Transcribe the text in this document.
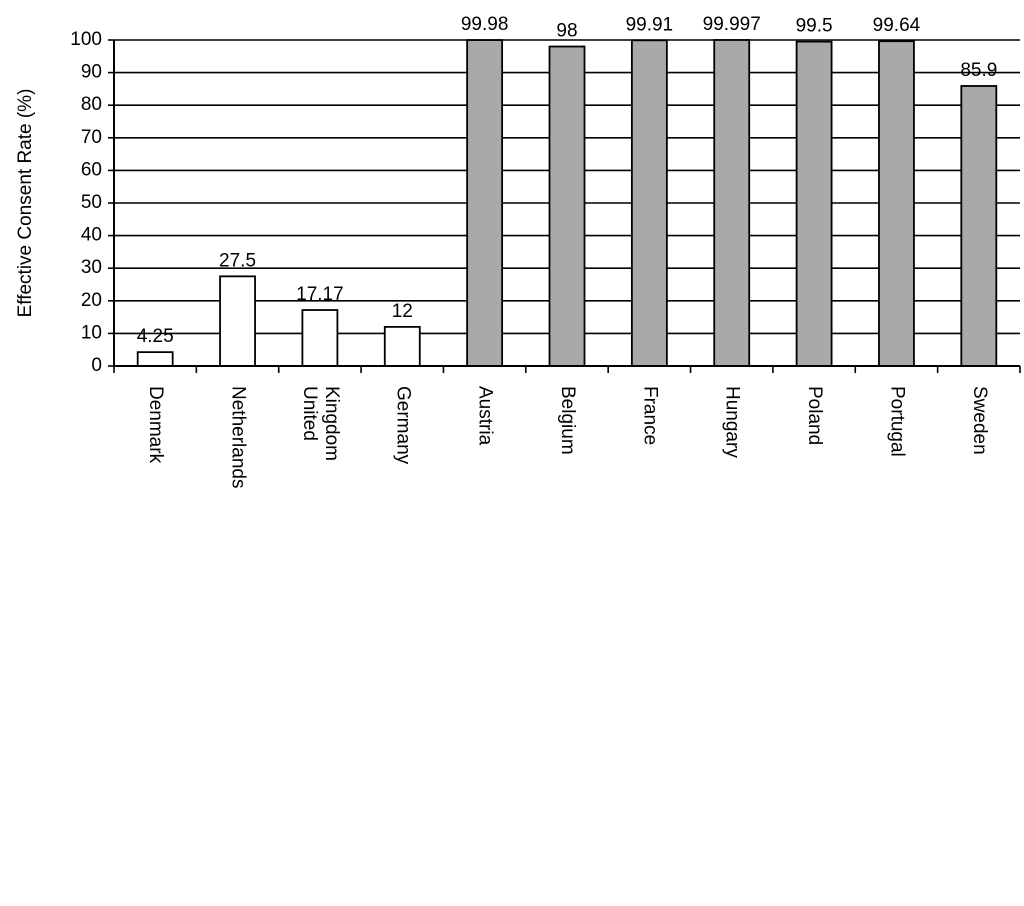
0
10
20
30
40
50
60
70
80
90
100
Denmark	Netherlands	United Kingdom	Germany	Austria	Belgium	France	Hungary	Poland	Portugal	Sweden
4.25
27.5
17.17
12
99.98	98	99.91 99.997 99.5 99.64
85.9
Effective Consent Rate (%)
